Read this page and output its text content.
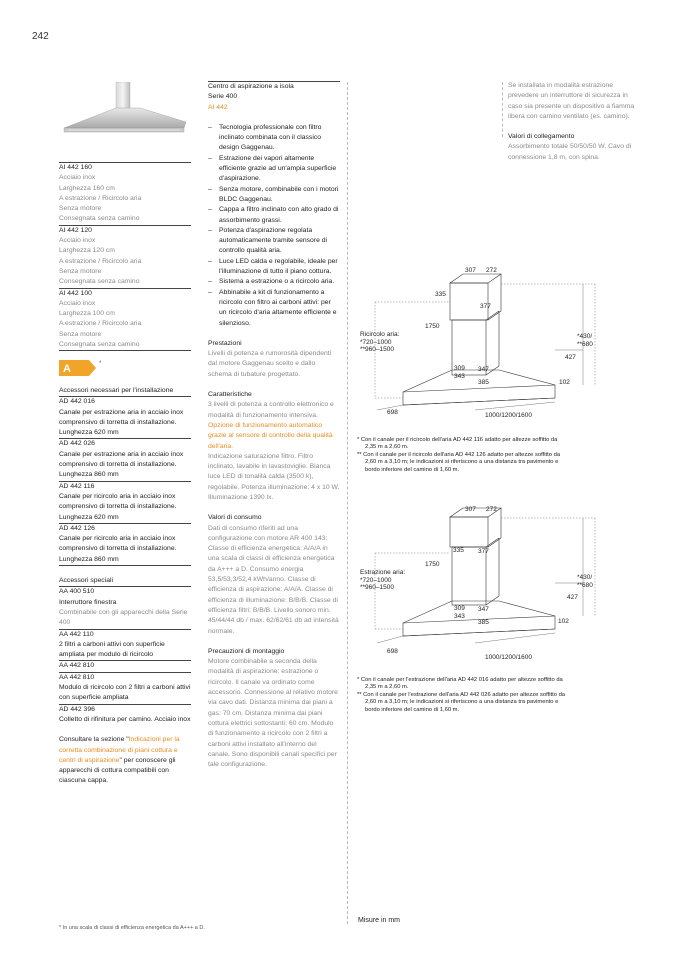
242
AI 442 160
Acciaio inox
Larghezza 160 cm
A estrazione / Ricircolo aria
Senza motore
Consegnata senza camino
AI 442 120
Acciaio inox
Larghezza 120 cm
A estrazione / Ricircolo aria
Senza motore
Consegnata senza camino
AI 442 100
Acciaio inox
Larghezza 100 cm
A estrazione / Ricircolo aria
Senza motore
Consegnata senza camino
A	*
Accessori necessari per l'installazione
AD 442 016
Canale per estrazione aria in acciaio inox comprensivo di torretta di installazione.
Lunghezza 620 mm
AD 442 026
Canale per estrazione aria in acciaio inox comprensivo di torretta di installazione.
Lunghezza 860 mm
AD 442 116
Canale per ricircolo aria in acciaio inox comprensivo di torretta di installazione.
Lunghezza 620 mm
AD 442 126
Canale per ricircolo aria in acciaio inox comprensivo di torretta di installazione.
Lunghezza 860 mm
Accessori speciali
AA 400 510
Interruttore finestra
Combinabile con gli apparecchi della Serie 400
AA 442 110
2 filtri a carboni attivi con superficie ampliata per modulo di ricircolo
AA 442 810
AA 442 810
Modulo di ricircolo con 2 filtri a carboni attivi con superficie ampliata
AD 442 396
Colletto di rifinitura per camino. Acciaio inox
Consultare la sezione "Indicazioni per la corretta combinazione di piani cottura e centri di aspirazione" per conoscere gli apparecchi di cottura compatibili con ciascuna cappa.
Centro di aspirazione a isola
Serie 400
AI 442
– Tecnologia professionale con filtro inclinato combinata con il classico design Gaggenau.
– Estrazione dei vapori altamente efficiente grazie ad un'ampia superficie d'aspirazione.
– Senza motore, combinabile con i motori BLDC Gaggenau.
– Cappa a filtro inclinato con alto grado di assorbimento grassi.
– Potenza d'aspirazione regolata automaticamente tramite sensore di controllo qualità aria.
– Luce LED calda e regolabile, ideale per l'illuminazione di tutto il piano cottura.
– Sistema a estrazione o a ricircolo aria.
– Abbinabile a kit di funzionamento a ricircolo con filtro ai carboni attivi: per un ricircolo d'aria altamente efficiente e silenzioso.
Prestazioni
Livelli di potenza e rumorosità dipendenti dal motore Gaggenau scelto e dallo schema di tubature progettato.
Caratteristiche
3 livelli di potenza a controllo elettronico e modalità di funzionamento intensiva.
Opzione di funzionamento automatico grazie al sensore di controllo della qualità dell'aria.
Indicazione saturazione filtro. Filtro inclinato, lavabile in lavastoviglie. Bianca luce LED di tonalità calda (3500 k), regolabile. Potenza illuminazione: 4 x 10 W. Illuminazione 1390 lx.
Valori di consumo
Dati di consumo riferiti ad una configurazione con motore AR 400 143: Classe di efficienza energetica: A/A/A in una scala di classi di efficienza energetica da A+++ a D. Consumo energia 53,5/53,3/52,4 kWh/anno. Classe di efficienza di aspirazione: A/A/A. Classe di efficienza di illuminazione: B/B/B. Classe di efficienza filtri: B/B/B. Livello sonoro min. 45/44/44 db / max. 62/62/61 db ad intensità normale.
Precauzioni di montaggio
Motore combinabile a seconda della modalità di aspirazione: estrazione o ricircolo. Il canale va ordinato come accessorio. Connessione al relativo motore via cavo dati. Distanza minima dai piani a gas: 70 cm. Distanza minima dai piani cottura elettrici sottostanti: 60 cm. Modulo di funzionamento a ricircolo con 2 filtri a carboni attivi installato all'interno del canale. Sono disponibili canali specifici per tale configurazione.
Se installata in modalità estrazione prevedere un interruttore di sicurezza in caso sia presente un dispositivo a fiamma libera con camino ventilato (es. camino).
Valori di collegamento
Assorbimento totale 50/50/50 W. Cavo di connessione 1,8 m, con spina.
307 272
335
377
1750
Ricircolo aria:
*720–1000
**960–1500
*430/
**680
427
309
343
347
385	102
698	1000/1200/1600

* Con il canale per il ricircolo dell'aria AD 442 116 adatto per altezze soffitto da 2,35 m a 2,60 m.

** Con il canale per il ricircolo dell'aria AD 442 126 adatto per altezze soffitto da 2,60 m a 3,10 m; le indicazioni si riferiscono a una distanza tra pavimento e bordo inferiore del camino di 1,60 m.

307 272
335 377
1750
Estrazione aria:
*720–1000
**960–1500
*430/
**680
427
309
343
347
385	102
698
1000/1200/1600

* Con il canale per l'estrazione dell'aria AD 442 016 adatto per altezze soffitto da 2,35 m a 2,60 m.

** Con il canale per l'estrazione dell'aria AD 442 026 adatto per altezze soffitto da 2,60 m a 3,10 m; le indicazioni si riferiscono a una distanza tra pavimento e bordo inferiore del camino di 1,60 m.

Misure in mm
* In una scala di classi di efficienza energetica da A+++ a D.
